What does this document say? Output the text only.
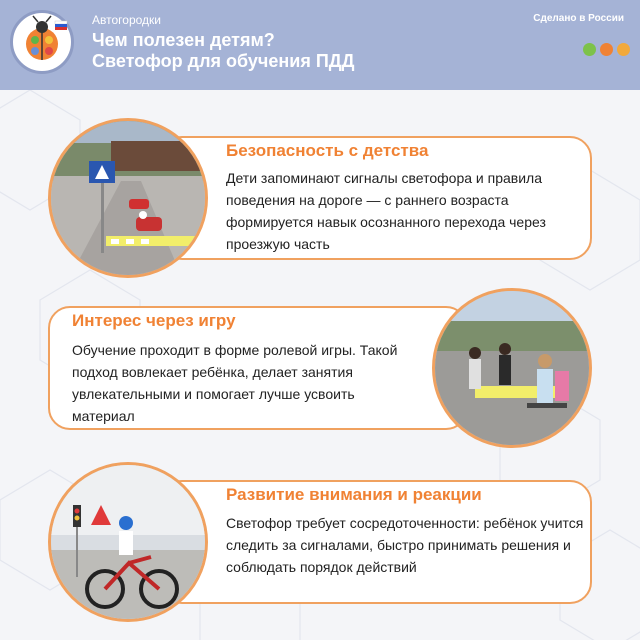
Автогородки
Чем полезен детям?
Светофор для обучения ПДД
Сделано в России
Безопасность с детства
Дети запоминают сигналы светофора и правила поведения на дороге — с раннего возраста формируется навык осознанного перехода через проезжую часть
Интерес через игру
Обучение проходит в форме ролевой игры. Такой подход вовлекает ребёнка, делает занятия увлекательными и помогает лучше усвоить материал
Развитие внимания и реакции
Светофор требует сосредоточенности: ребёнок учится следить за сигналами, быстро принимать решения и соблюдать порядок действий
